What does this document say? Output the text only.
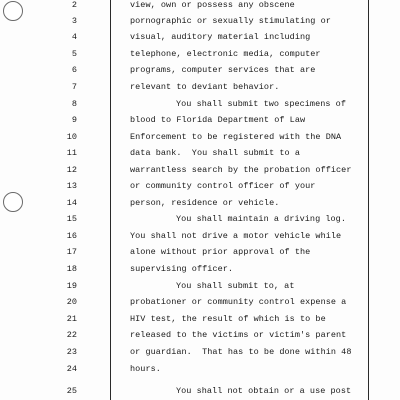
2
3
4
5
6
7
8
9
10
11
12
13
14
15
16
17
18
19
20
21
22
23
24
25
view, own or possess any obscene
pornographic or sexually stimulating or
visual, auditory material including
telephone, electronic media, computer
programs, computer services that are
relevant to deviant behavior.
You shall submit two specimens of
blood to Florida Department of Law
Enforcement to be registered with the DNA
data bank.  You shall submit to a
warrantless search by the probation officer
or community control officer of your
person, residence or vehicle.
You shall maintain a driving log.
You shall not drive a motor vehicle while
alone without prior approval of the
supervising officer.
You shall submit to, at
probationer or community control expense a
HIV test, the result of which is to be
released to the victims or victim's parent
or guardian.  That has to be done within 48
hours.
You shall not obtain or a use post
